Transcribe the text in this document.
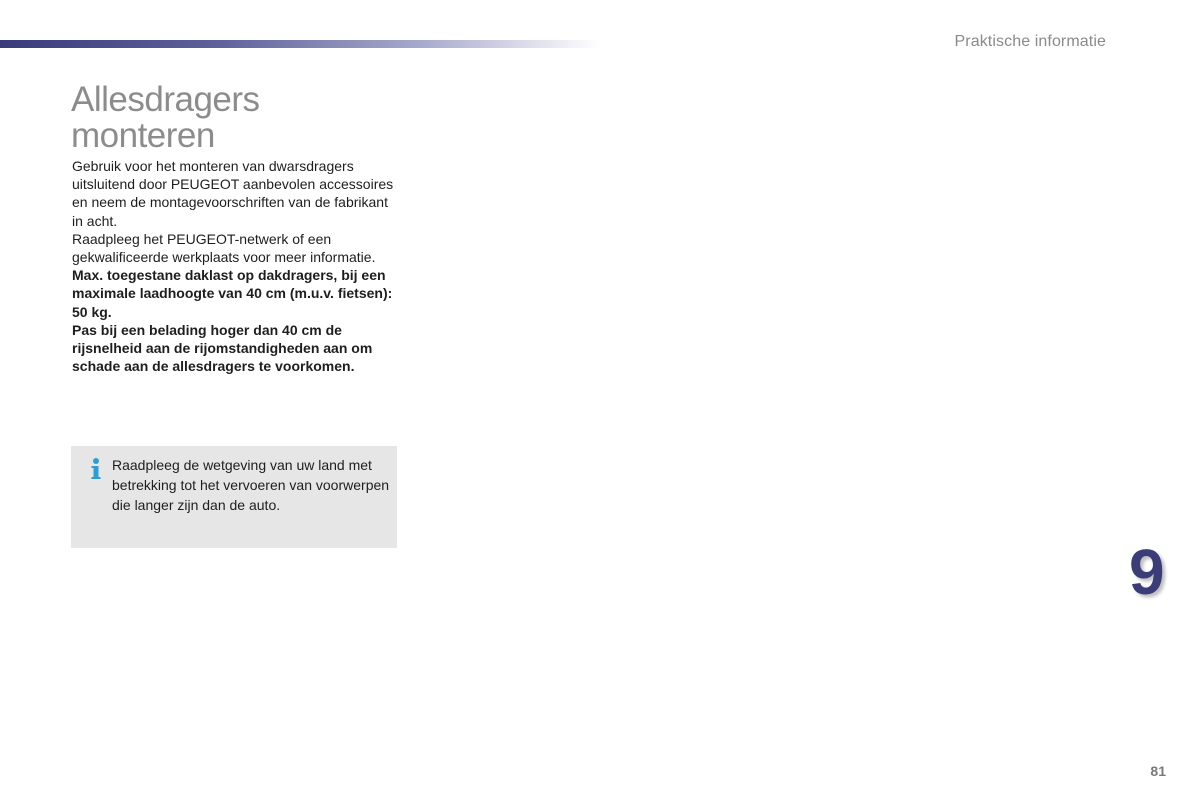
Praktische informatie
Allesdragers monteren

Gebruik voor het monteren van dwarsdragers uitsluitend door PEUGEOT aanbevolen accessoires en neem de montagevoorschriften van de fabrikant in acht.

Raadpleeg het PEUGEOT-netwerk of een gekwalificeerde werkplaats voor meer informatie.

Max. toegestane daklast op dakdragers, bij een maximale laadhoogte van 40 cm (m.u.v. fietsen): 50 kg.

Pas bij een belading hoger dan 40 cm de rijsnelheid aan de rijomstandigheden aan om schade aan de allesdragers te voorkomen.

Raadpleeg de wetgeving van uw land met betrekking tot het vervoeren van voorwerpen die langer zijn dan de auto.
9
81
